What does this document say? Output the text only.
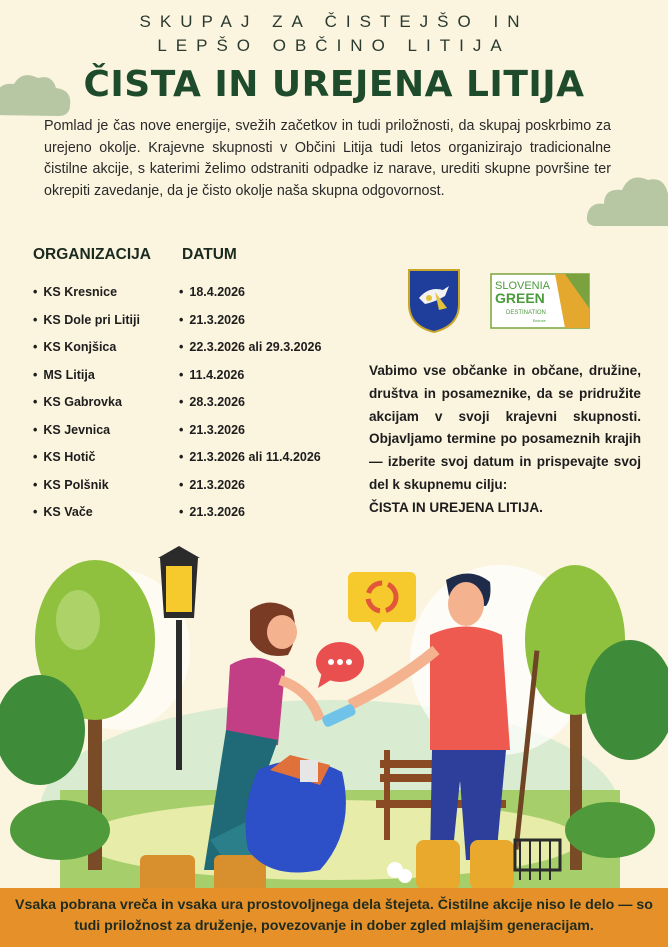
SKUPAJ ZA ČISTEJŠO IN
LEPŠO OBČINO LITIJA
ČISTA IN UREJENA LITIJA

Pomlad je čas nove energije, svežih začetkov in tudi priložnosti, da skupaj poskrbimo za urejeno okolje. Krajevne skupnosti v Občini Litija tudi letos organizirajo tradicionalne čistilne akcije, s katerimi želimo odstraniti odpadke iz narave, urediti skupne površine ter okrepiti zavedanje, da je čisto okolje naša skupna odgovornost.

ORGANIZACIJA DATUM
• KS Kresnice
• KS Dole pri Litiji
• KS Konjšica
• MS Litija
• KS Gabrovka
• KS Jevnica
• KS Hotič
• KS Polšnik
• KS Vače
• 18.4.2026
• 21.3.2026
• 22.3.2026 ali 29.3.2026
• 11.4.2026
• 28.3.2026
• 21.3.2026
• 21.3.2026 ali 11.4.2026
• 21.3.2026
• 21.3.2026
SLOVENIA
GREEN
DESTINATION
Bronze

Vabimo vse občanke in občane, družine, društva in posameznike, da se pridružite akcijam v svoji krajevni skupnosti. Objavljamo termine po posameznih krajih — izberite svoj datum in prispevajte svoj del k skupnemu cilju:
ČISTA IN UREJENA LITIJA.

Vsaka pobrana vreča in vsaka ura prostovoljnega dela štejeta. Čistilne akcije niso le delo — so tudi priložnost za druženje, povezovanje in dober zgled mlajšim generacijam.
